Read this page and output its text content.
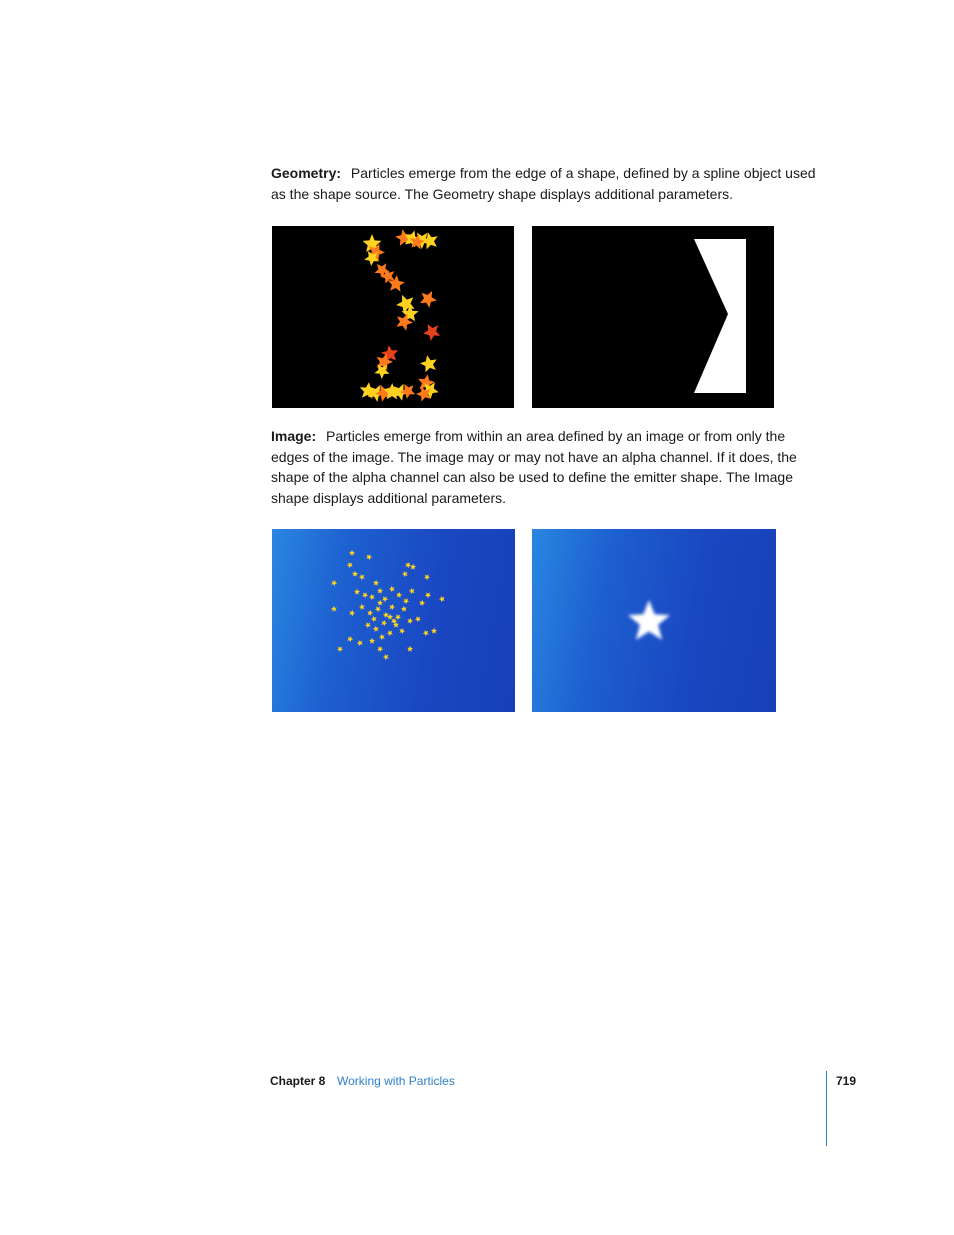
Geometry: Particles emerge from the edge of a shape, defined by a spline object used as the shape source. The Geometry shape displays additional parameters.
Image: Particles emerge from within an area defined by an image or from only the edges of the image. The image may or may not have an alpha channel. If it does, the shape of the alpha channel can also be used to define the emitter shape. The Image shape displays additional parameters.
Chapter 8 Working with Particles	719
